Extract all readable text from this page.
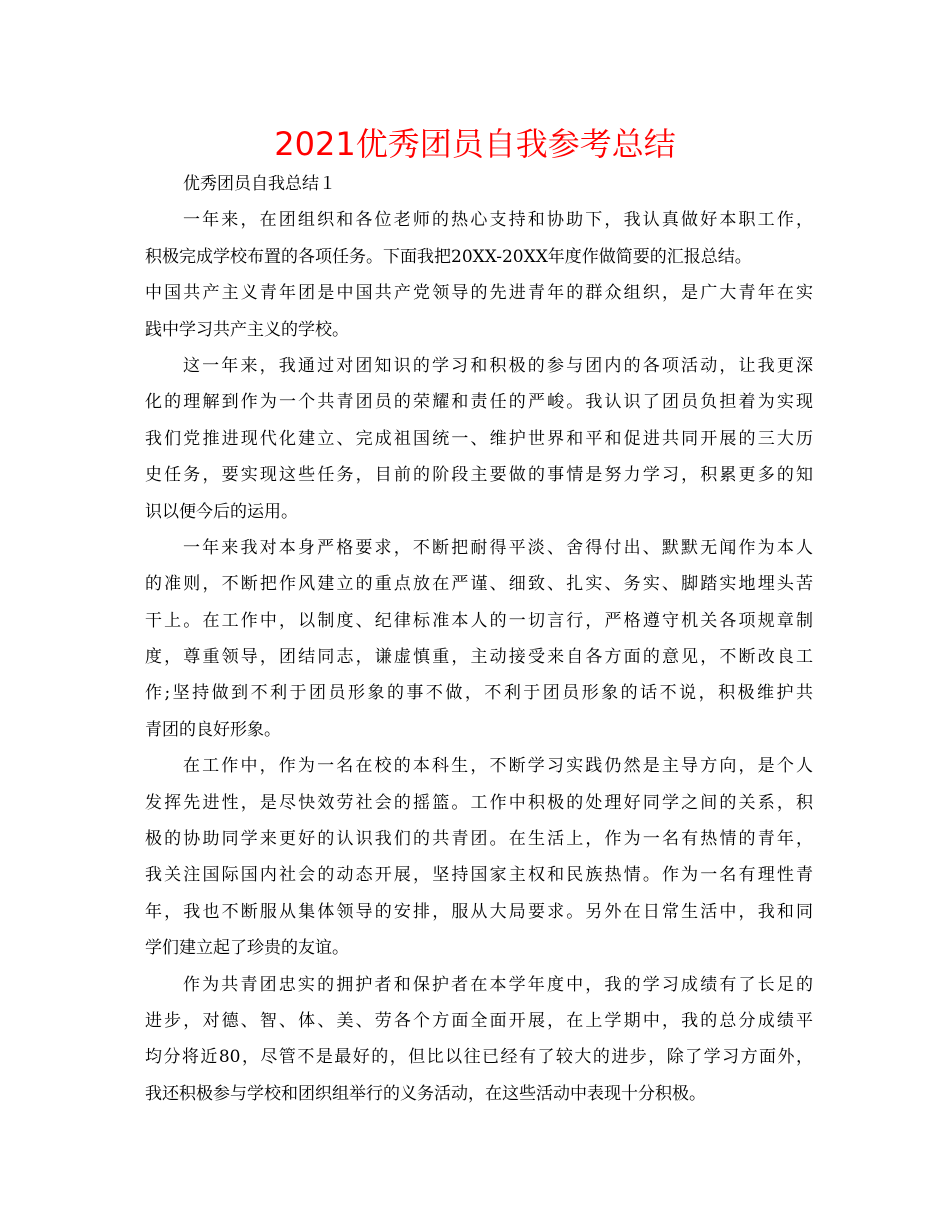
2021优秀团员自我参考总结
优秀团员自我总结１
一年来，在团组织和各位老师的热心支持和协助下，我认真做好本职工作，
积极完成学校布置的各项任务。下面我把20XX-20XX年度作做简要的汇报总结。
中国共产主义青年团是中国共产党领导的先进青年的群众组织，是广大青年在实
践中学习共产主义的学校。
这一年来，我通过对团知识的学习和积极的参与团内的各项活动，让我更深
化的理解到作为一个共青团员的荣耀和责任的严峻。我认识了团员负担着为实现
我们党推进现代化建立、完成祖国统一、维护世界和平和促进共同开展的三大历
史任务，要实现这些任务，目前的阶段主要做的事情是努力学习，积累更多的知
识以便今后的运用。
一年来我对本身严格要求，不断把耐得平淡、舍得付出、默默无闻作为本人
的准则，不断把作风建立的重点放在严谨、细致、扎实、务实、脚踏实地埋头苦
干上。在工作中，以制度、纪律标准本人的一切言行，严格遵守机关各项规章制
度，尊重领导，团结同志，谦虚慎重，主动接受来自各方面的意见，不断改良工
作;坚持做到不利于团员形象的事不做，不利于团员形象的话不说，积极维护共
青团的良好形象。
在工作中，作为一名在校的本科生，不断学习实践仍然是主导方向，是个人
发挥先进性，是尽快效劳社会的摇篮。工作中积极的处理好同学之间的关系，积
极的协助同学来更好的认识我们的共青团。在生活上，作为一名有热情的青年，
我关注国际国内社会的动态开展，坚持国家主权和民族热情。作为一名有理性青
年，我也不断服从集体领导的安排，服从大局要求。另外在日常生活中，我和同
学们建立起了珍贵的友谊。
作为共青团忠实的拥护者和保护者在本学年度中，我的学习成绩有了长足的
进步，对德、智、体、美、劳各个方面全面开展，在上学期中，我的总分成绩平
均分将近80，尽管不是最好的，但比以往已经有了较大的进步，除了学习方面外，
我还积极参与学校和团织组举行的义务活动，在这些活动中表现十分积极。
